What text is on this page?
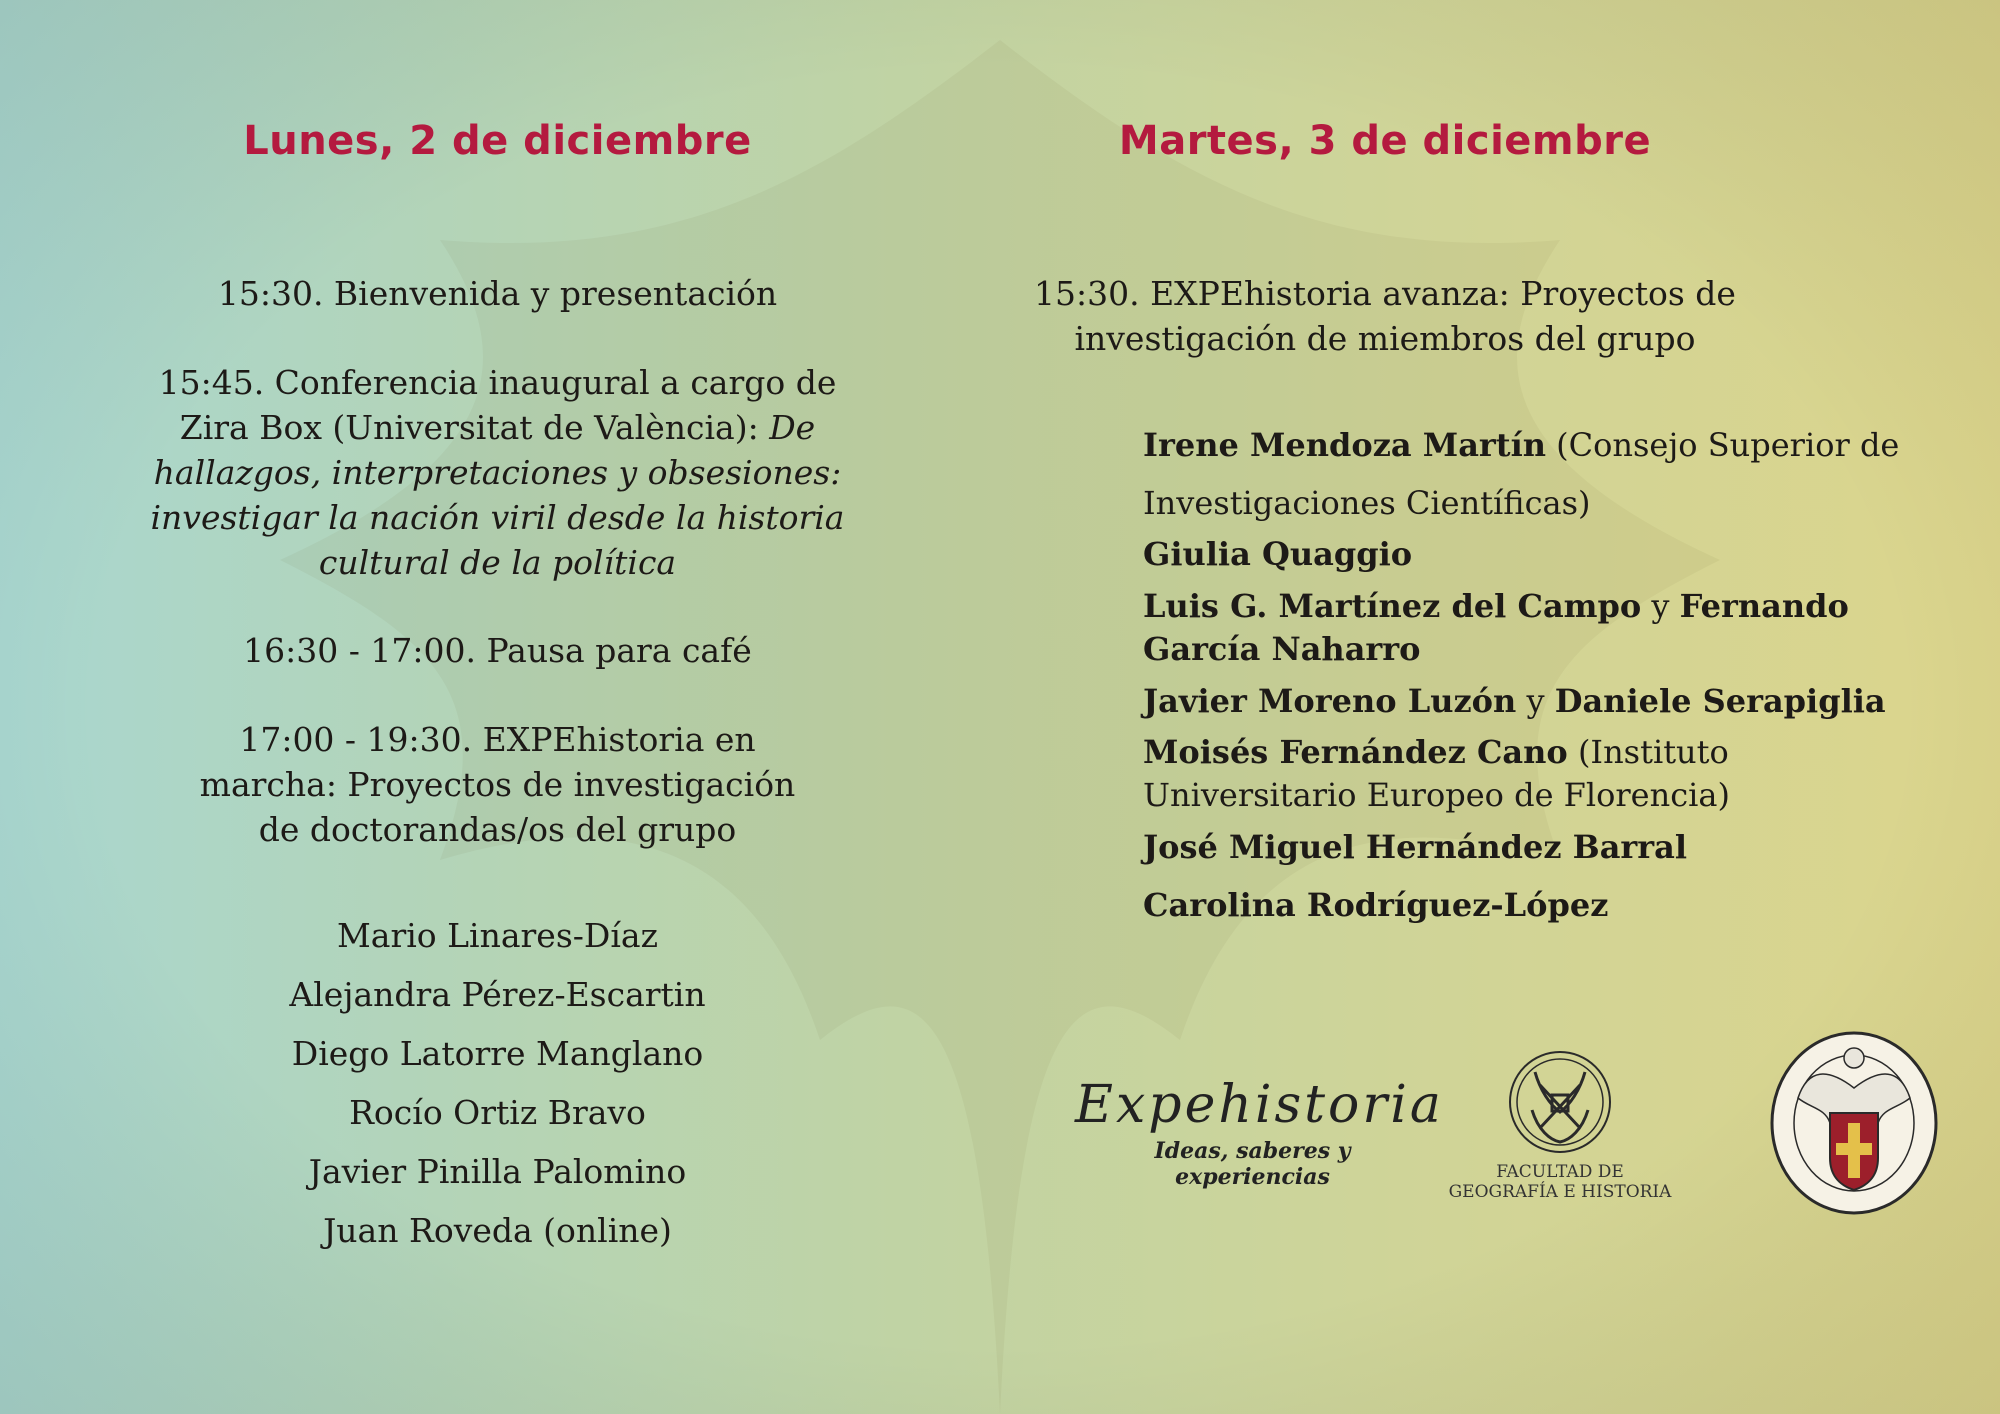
Lunes, 2 de diciembre

15:30. Bienvenida y presentación

15:45. Conferencia inaugural a cargo de Zira Box (Universitat de València): De hallazgos, interpretaciones y obsesiones: investigar la nación viril desde la historia cultural de la política

16:30 - 17:00. Pausa para café

17:00 - 19:30. EXPEhistoria en marcha: Proyectos de investigación de doctorandas/os del grupo

Mario Linares-Díaz
Alejandra Pérez-Escartin
Diego Latorre Manglano
Rocío Ortiz Bravo
Javier Pinilla Palomino
Juan Roveda (online)
Martes, 3 de diciembre

15:30. EXPEhistoria avanza: Proyectos de investigación de miembros del grupo

Irene Mendoza Martín (Consejo Superior de Investigaciones Científicas)

Giulia Quaggio

Luis G. Martínez del Campo y Fernando García Naharro

Javier Moreno Luzón y Daniele Serapiglia

Moisés Fernández Cano (Instituto Universitario Europeo de Florencia)

José Miguel Hernández Barral

Carolina Rodríguez-López

Expehistoria
Ideas, saberes y experiencias	FACULTAD DE
GEOGRAFÍA E HISTORIA
